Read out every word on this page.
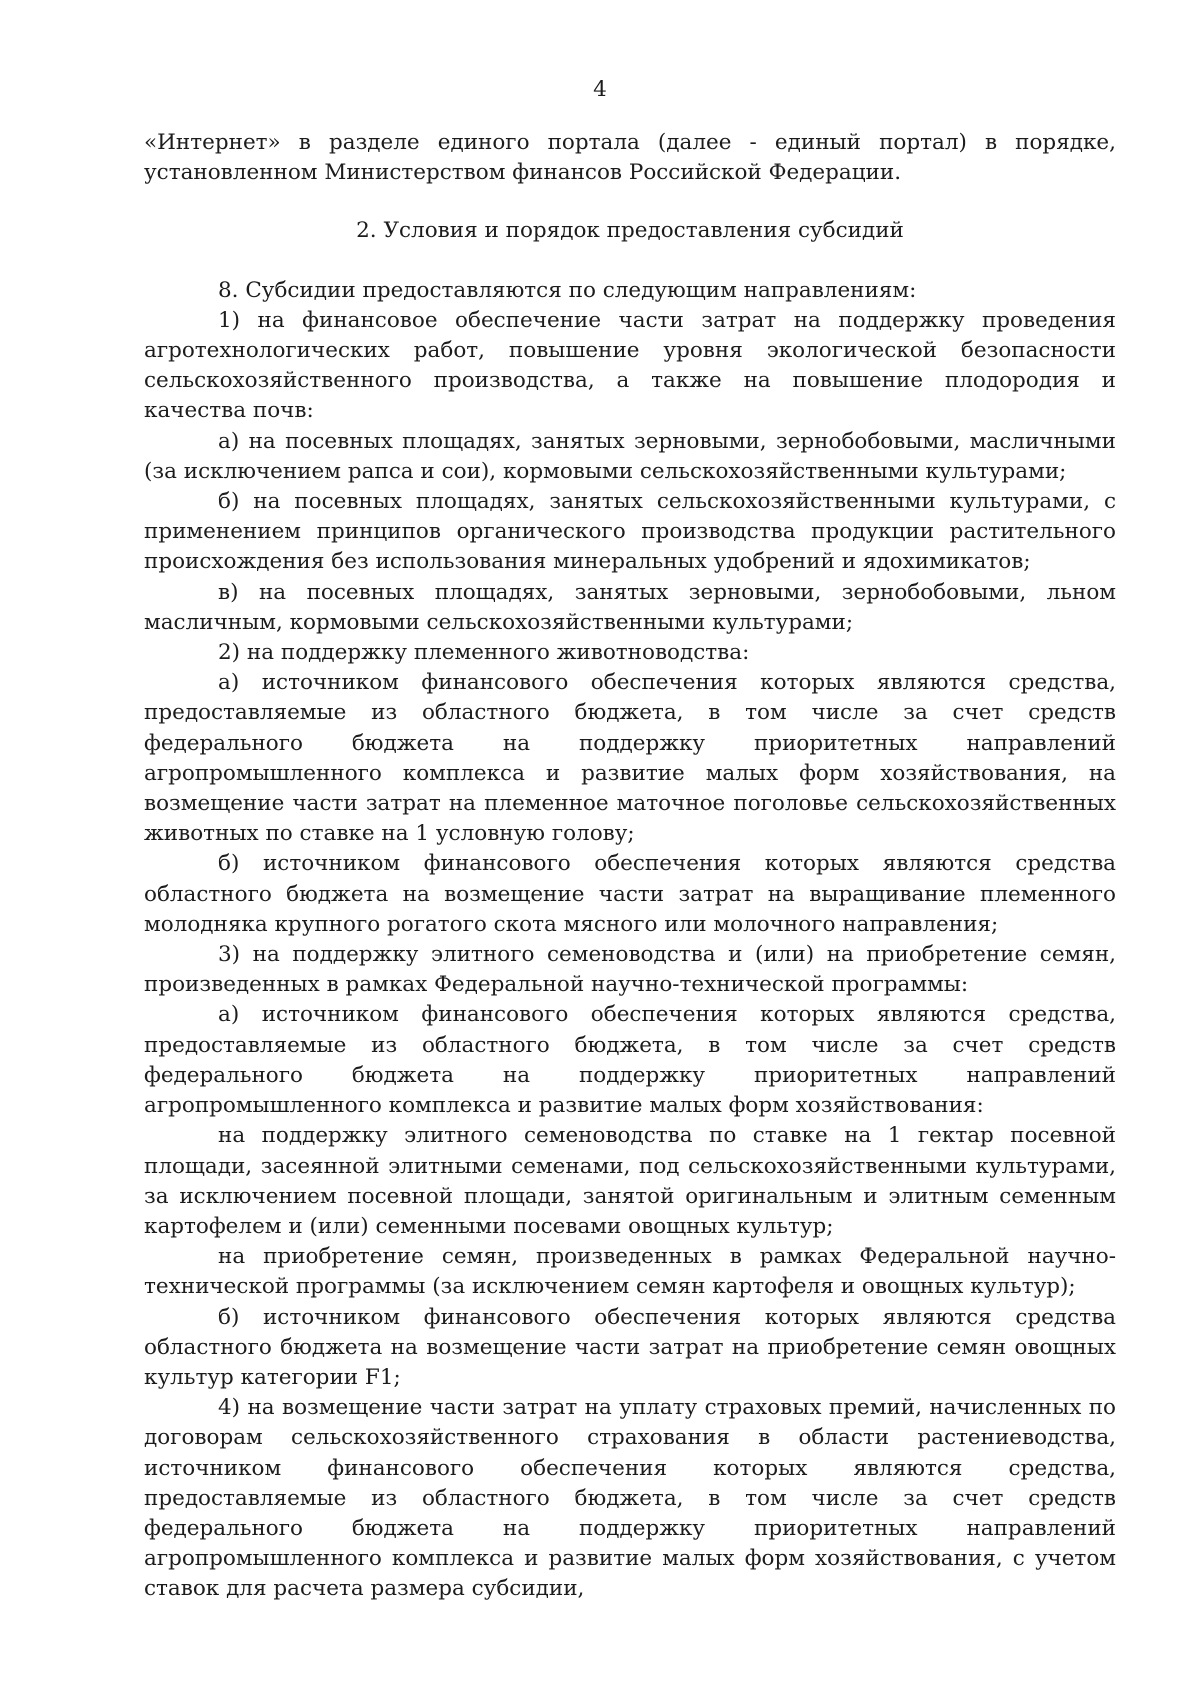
4

«Интернет» в разделе единого портала (далее - единый портал) в порядке, установленном Министерством финансов Российской Федерации.

2. Условия и порядок предоставления субсидий

8. Субсидии предоставляются по следующим направлениям:

1) на финансовое обеспечение части затрат на поддержку проведения агротехнологических работ, повышение уровня экологической безопасности сельскохозяйственного производства, а также на повышение плодородия и качества почв:

а) на посевных площадях, занятых зерновыми, зернобобовыми, масличными (за исключением рапса и сои), кормовыми сельскохозяйственными культурами;

б) на посевных площадях, занятых сельскохозяйственными культурами, с применением принципов органического производства продукции растительного происхождения без использования минеральных удобрений и ядохимикатов;

в) на посевных площадях, занятых зерновыми, зернобобовыми, льном масличным, кормовыми сельскохозяйственными культурами;

2) на поддержку племенного животноводства:

а) источником финансового обеспечения которых являются средства, предоставляемые из областного бюджета, в том числе за счет средств федерального бюджета на поддержку приоритетных направлений агропромышленного комплекса и развитие малых форм хозяйствования, на возмещение части затрат на племенное маточное поголовье сельскохозяйственных животных по ставке на 1 условную голову;

б) источником финансового обеспечения которых являются средства областного бюджета на возмещение части затрат на выращивание племенного молодняка крупного рогатого скота мясного или молочного направления;

3) на поддержку элитного семеноводства и (или) на приобретение семян, произведенных в рамках Федеральной научно-технической программы:

а) источником финансового обеспечения которых являются средства, предоставляемые из областного бюджета, в том числе за счет средств федерального бюджета на поддержку приоритетных направлений агропромышленного комплекса и развитие малых форм хозяйствования:

на поддержку элитного семеноводства по ставке на 1 гектар посевной площади, засеянной элитными семенами, под сельскохозяйственными культурами, за исключением посевной площади, занятой оригинальным и элитным семенным картофелем и (или) семенными посевами овощных культур;

на приобретение семян, произведенных в рамках Федеральной научно-технической программы (за исключением семян картофеля и овощных культур);

б) источником финансового обеспечения которых являются средства областного бюджета на возмещение части затрат на приобретение семян овощных культур категории F1;

4) на возмещение части затрат на уплату страховых премий, начисленных по договорам сельскохозяйственного страхования в области растениеводства, источником финансового обеспечения которых являются средства, предоставляемые из областного бюджета, в том числе за счет средств федерального бюджета на поддержку приоритетных направлений агропромышленного комплекса и развитие малых форм хозяйствования, с учетом ставок для расчета размера субсидии,
